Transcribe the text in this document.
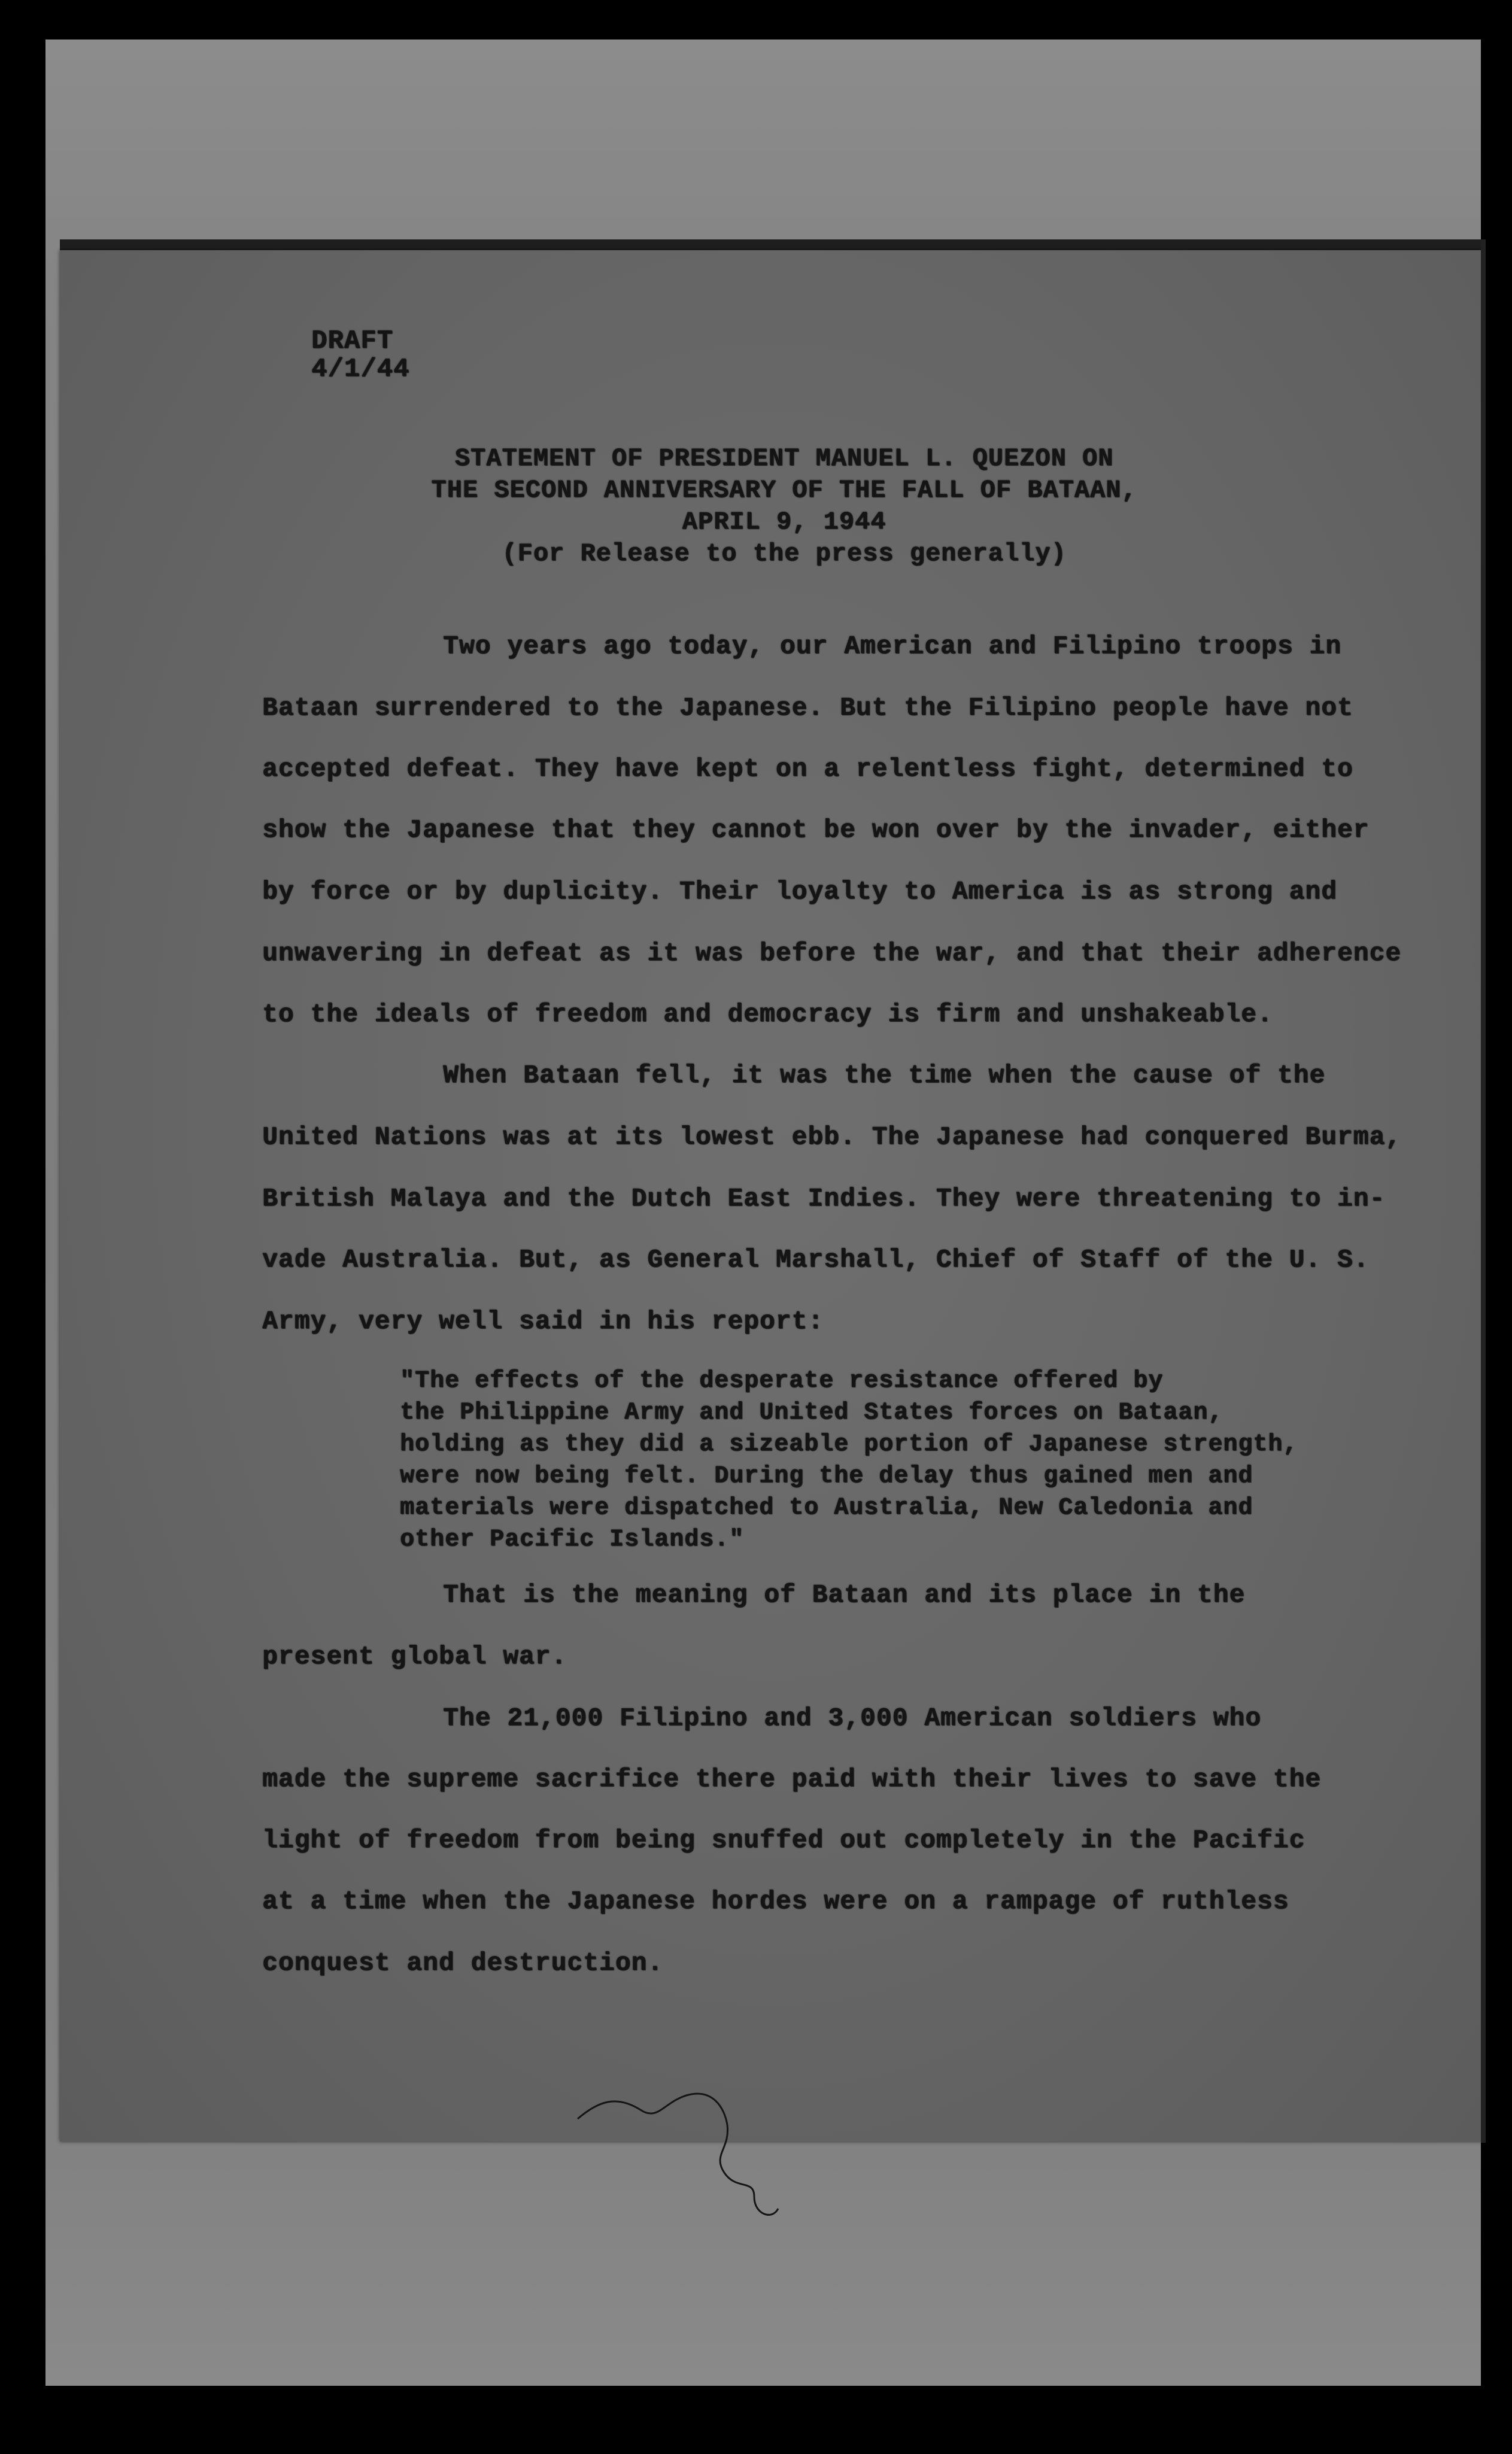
DRAFT

4/1/44

STATEMENT OF PRESIDENT MANUEL L. QUEZON ON

THE SECOND ANNIVERSARY OF THE FALL OF BATAAN,

APRIL 9, 1944

(For Release to the press generally)

Two years ago today, our American and Filipino troops in

Bataan surrendered to the Japanese. But the Filipino people have not

accepted defeat. They have kept on a relentless fight, determined to

show the Japanese that they cannot be won over by the invader, either

by force or by duplicity. Their loyalty to America is as strong and

unwavering in defeat as it was before the war, and that their adherence

to the ideals of freedom and democracy is firm and unshakeable.

When Bataan fell, it was the time when the cause of the

United Nations was at its lowest ebb. The Japanese had conquered Burma,

British Malaya and the Dutch East Indies. They were threatening to in-

vade Australia. But, as General Marshall, Chief of Staff of the U. S.

Army, very well said in his report:

"The effects of the desperate resistance offered by

the Philippine Army and United States forces on Bataan,

holding as they did a sizeable portion of Japanese strength,

were now being felt. During the delay thus gained men and

materials were dispatched to Australia, New Caledonia and

other Pacific Islands."

That is the meaning of Bataan and its place in the

present global war.

The 21,000 Filipino and 3,000 American soldiers who

made the supreme sacrifice there paid with their lives to save the

light of freedom from being snuffed out completely in the Pacific

at a time when the Japanese hordes were on a rampage of ruthless

conquest and destruction.
